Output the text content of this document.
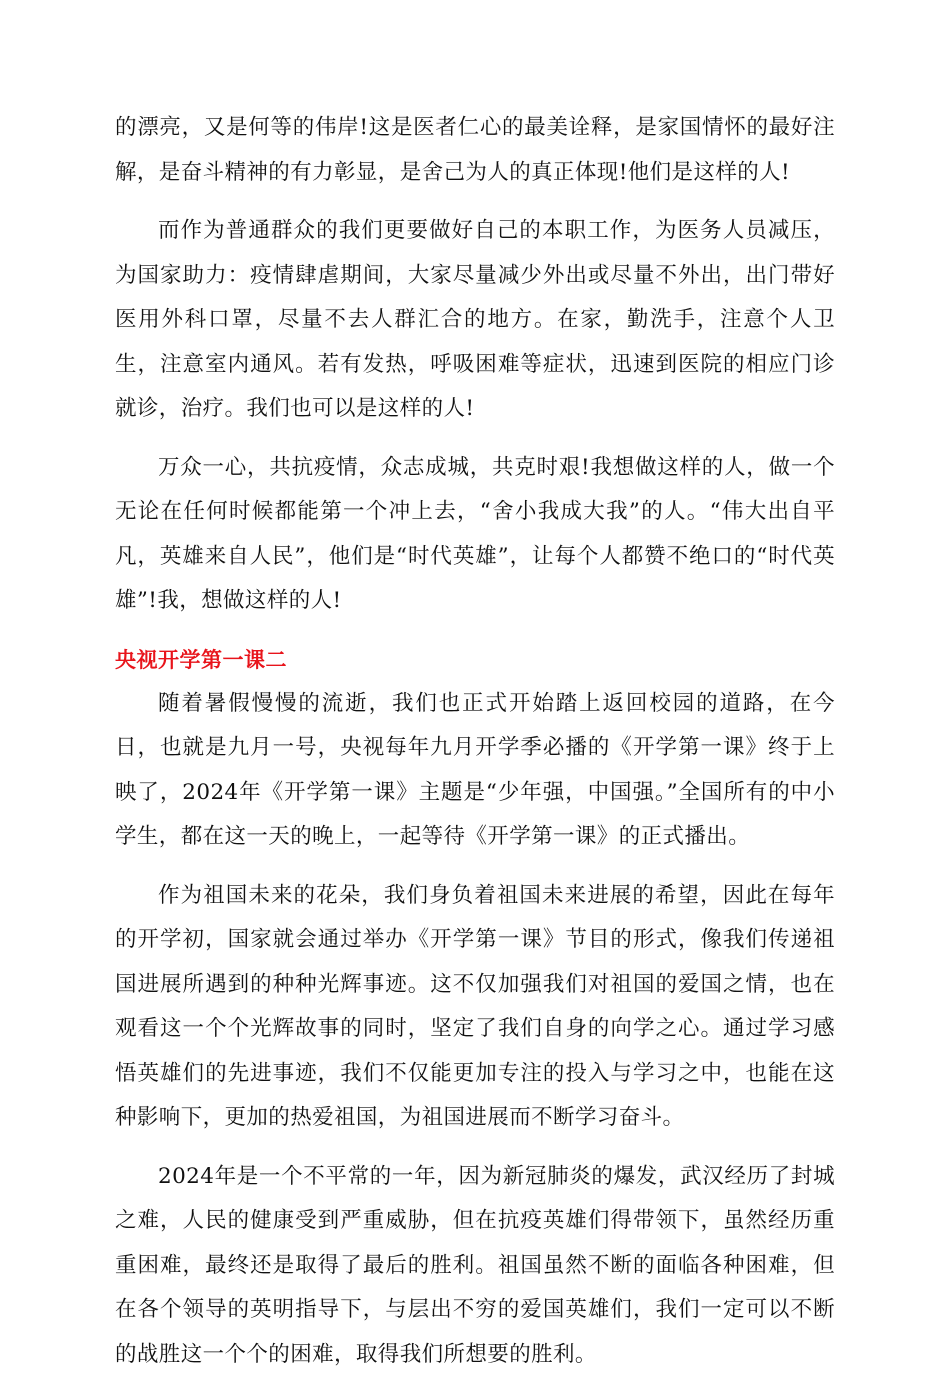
的漂亮，又是何等的伟岸!这是医者仁心的最美诠释，是家国情怀的最好注解，是奋斗精神的有力彰显，是舍己为人的真正体现!他们是这样的人!

而作为普通群众的我们更要做好自己的本职工作，为医务人员减压，为国家助力：疫情肆虐期间，大家尽量减少外出或尽量不外出，出门带好医用外科口罩，尽量不去人群汇合的地方。在家，勤洗手，注意个人卫生，注意室内通风。若有发热，呼吸困难等症状，迅速到医院的相应门诊就诊，治疗。我们也可以是这样的人!

万众一心，共抗疫情，众志成城，共克时艰!我想做这样的人，做一个无论在任何时候都能第一个冲上去，“舍小我成大我”的人。“伟大出自平凡，英雄来自人民”，他们是“时代英雄”，让每个人都赞不绝口的“时代英雄”!我，想做这样的人!

央视开学第一课二

随着暑假慢慢的流逝，我们也正式开始踏上返回校园的道路，在今日，也就是九月一号，央视每年九月开学季必播的《开学第一课》终于上映了，2024年《开学第一课》主题是“少年强，中国强。”全国所有的中小学生，都在这一天的晚上，一起等待《开学第一课》的正式播出。

作为祖国未来的花朵，我们身负着祖国未来进展的希望，因此在每年的开学初，国家就会通过举办《开学第一课》节目的形式，像我们传递祖国进展所遇到的种种光辉事迹。这不仅加强我们对祖国的爱国之情，也在观看这一个个光辉故事的同时，坚定了我们自身的向学之心。通过学习感悟英雄们的先进事迹，我们不仅能更加专注的投入与学习之中，也能在这种影响下，更加的热爱祖国，为祖国进展而不断学习奋斗。

2024年是一个不平常的一年，因为新冠肺炎的爆发，武汉经历了封城之难，人民的健康受到严重威胁，但在抗疫英雄们得带领下，虽然经历重重困难，最终还是取得了最后的胜利。祖国虽然不断的面临各种困难，但在各个领导的英明指导下，与层出不穷的爱国英雄们，我们一定可以不断的战胜这一个个的困难，取得我们所想要的胜利。
